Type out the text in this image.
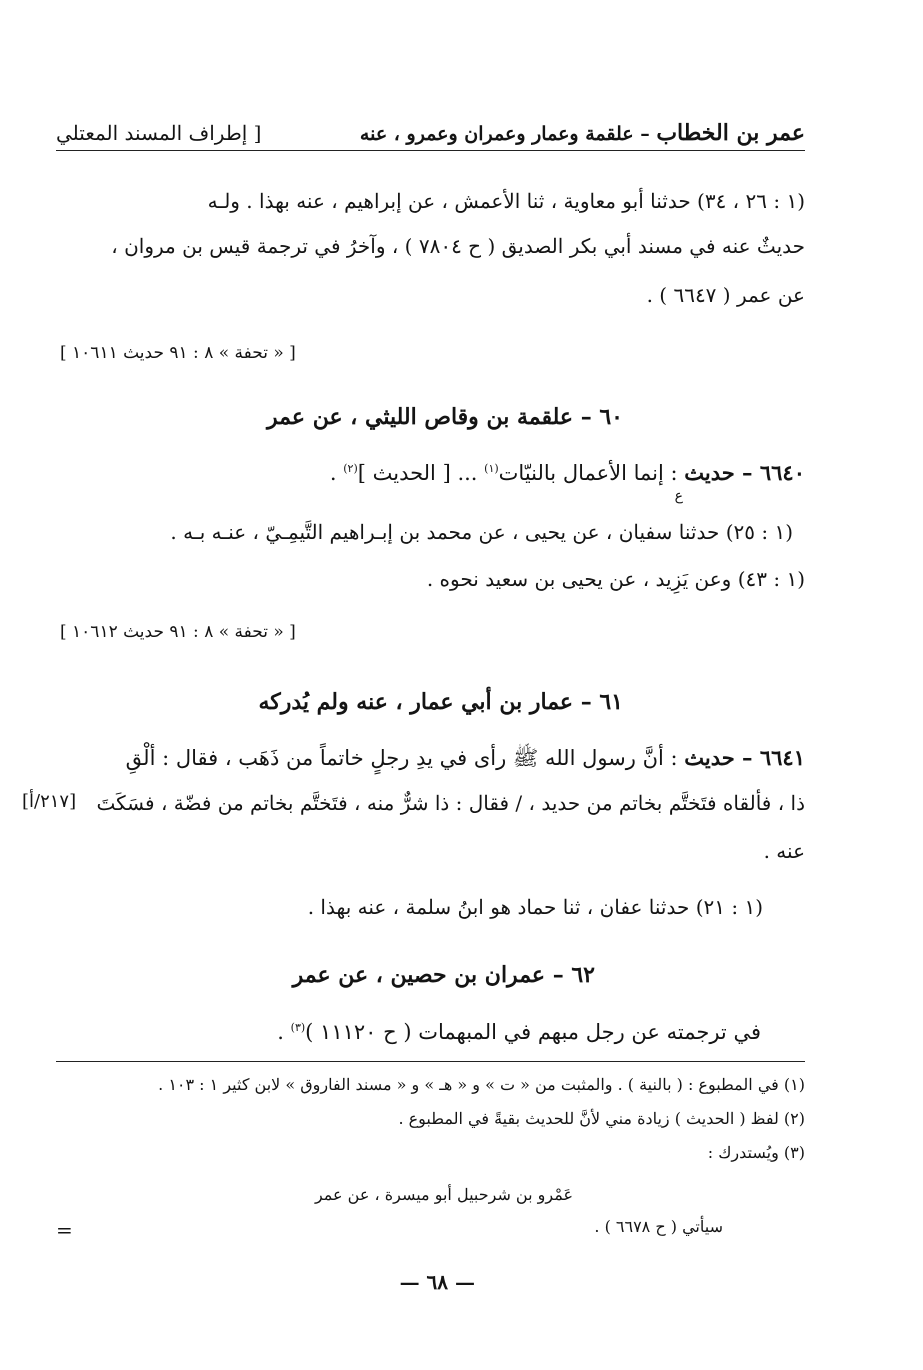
عمر بن الخطاب – علقمة وعمار وعمران وعمرو ، عنه
[ إطراف المسند المعتلي
(١ : ٢٦ ، ٣٤) حدثنا أبو معاوية ، ثنا الأعمش ، عن إبراهيم ، عنه بهذا . ولـه
حديثٌ عنه في مسند أبي بكر الصديق ( ح ٧٨٠٤ ) ، وآخرُ في ترجمة قيس بن مروان ،
عن عمر ( ٦٦٤٧ ) .
[ « تحفة » ٨ : ٩١ حديث ١٠٦١١ ]
٦٠ – علقمة بن وقاص الليثي ، عن عمر
٦٦٤٠ – حديث : إنما الأعمال بالنيّات$^{(١)}$ ... [ الحديث ]$^{(٢)}$ .
ع
(١ : ٢٥) حدثنا سفيان ، عن يحيى ، عن محمد بن إبـراهيم التَّيمِـيّ ، عنـه بـه .
(١ : ٤٣) وعن يَزِيد ، عن يحيى بن سعيد نحوه .
[ « تحفة » ٨ : ٩١ حديث ١٠٦١٢ ]
٦١ – عمار بن أبي عمار ، عنه ولم يُدركه
٦٦٤١ – حديث : أنَّ رسول الله ﷺ رأى في يدِ رجلٍ خاتماً من ذَهَب ، فقال : ألْقِ
ذا ، فألقاه فتَختَّم بخاتم من حديد ، / فقال : ذا شرٌّ منه ، فتَختَّم بخاتم من فضّة ، فسَكَتَ
[٢١٧/أ]
عنه .
(١ : ٢١) حدثنا عفان ، ثنا حماد هو ابنُ سلمة ، عنه بهذا .
٦٢ – عمران بن حصين ، عن عمر
في ترجمته عن رجل مبهم في المبهمات ( ح ١١١٢٠ )$^{(٣)}$ .
(١) في المطبوع : ( بالنية ) . والمثبت من « ت » و « هـ » و « مسند الفاروق » لابن كثير ١ : ١٠٣ .
(٢) لفظ ( الحديث ) زيادة مني لأنَّ للحديث بقيةً في المطبوع .
(٣) ويُستدرك :
عَمْرو بن شرحبيل أبو ميسرة ، عن عمر
سيأتي ( ح ٦٦٧٨ ) .
=
— ٦٨ —
